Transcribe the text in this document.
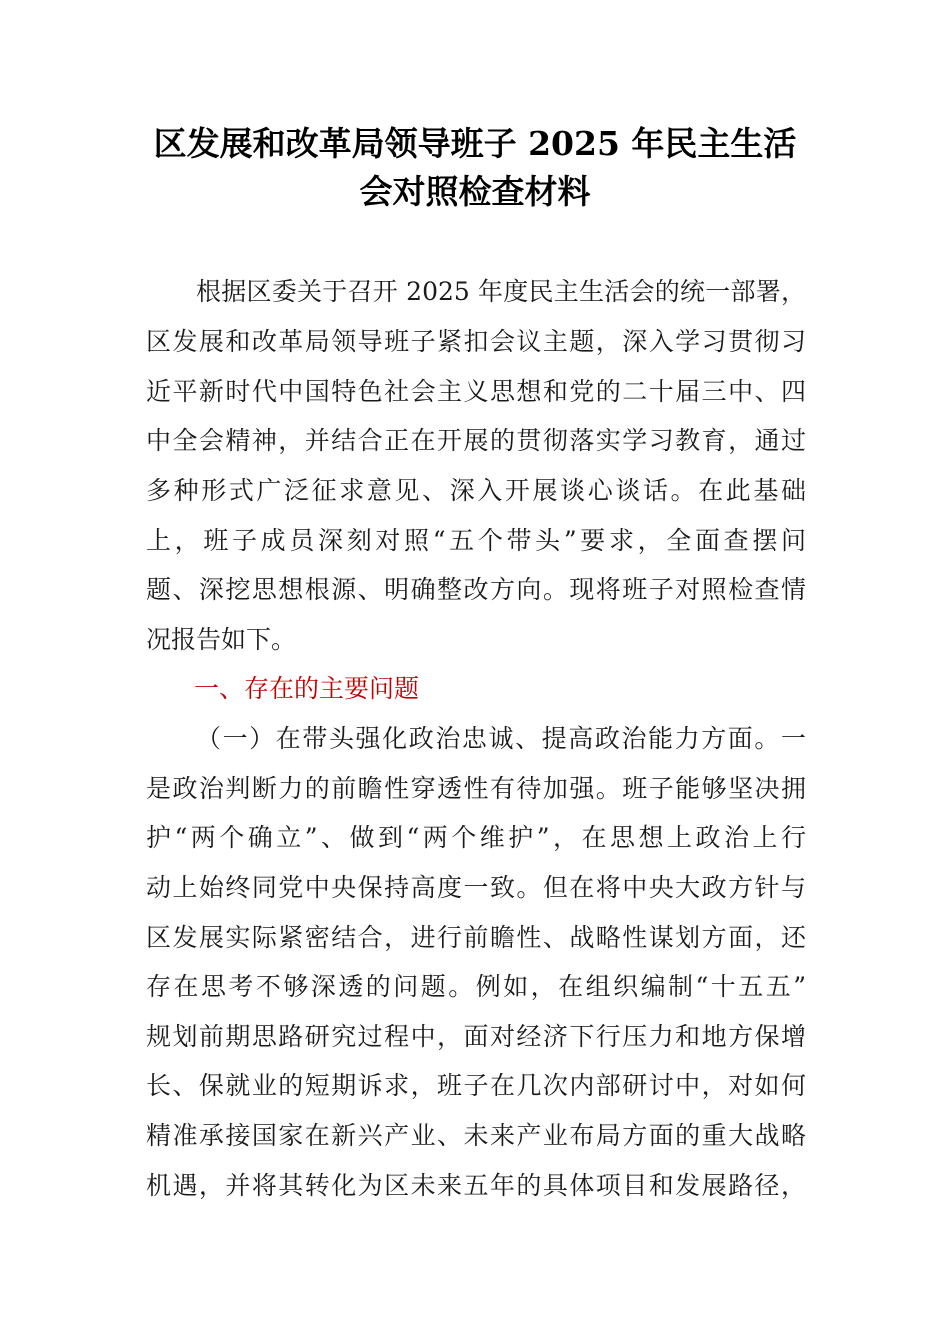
区发展和改革局领导班子 2025 年民主生活
会对照检查材料
根据区委关于召开 2025 年度民主生活会的统一部署，
区发展和改革局领导班子紧扣会议主题，深入学习贯彻习
近平新时代中国特色社会主义思想和党的二十届三中、四
中全会精神，并结合正在开展的贯彻落实学习教育，通过
多种形式广泛征求意见、深入开展谈心谈话。在此基础
上，班子成员深刻对照“五个带头”要求，全面查摆问
题、深挖思想根源、明确整改方向。现将班子对照检查情
况报告如下。
一、存在的主要问题
（一）在带头强化政治忠诚、提高政治能力方面。一
是政治判断力的前瞻性穿透性有待加强。班子能够坚决拥
护“两个确立”、做到“两个维护”，在思想上政治上行
动上始终同党中央保持高度一致。但在将中央大政方针与
区发展实际紧密结合，进行前瞻性、战略性谋划方面，还
存在思考不够深透的问题。例如，在组织编制“十五五”
规划前期思路研究过程中，面对经济下行压力和地方保增
长、保就业的短期诉求，班子在几次内部研讨中，对如何
精准承接国家在新兴产业、未来产业布局方面的重大战略
机遇，并将其转化为区未来五年的具体项目和发展路径，
